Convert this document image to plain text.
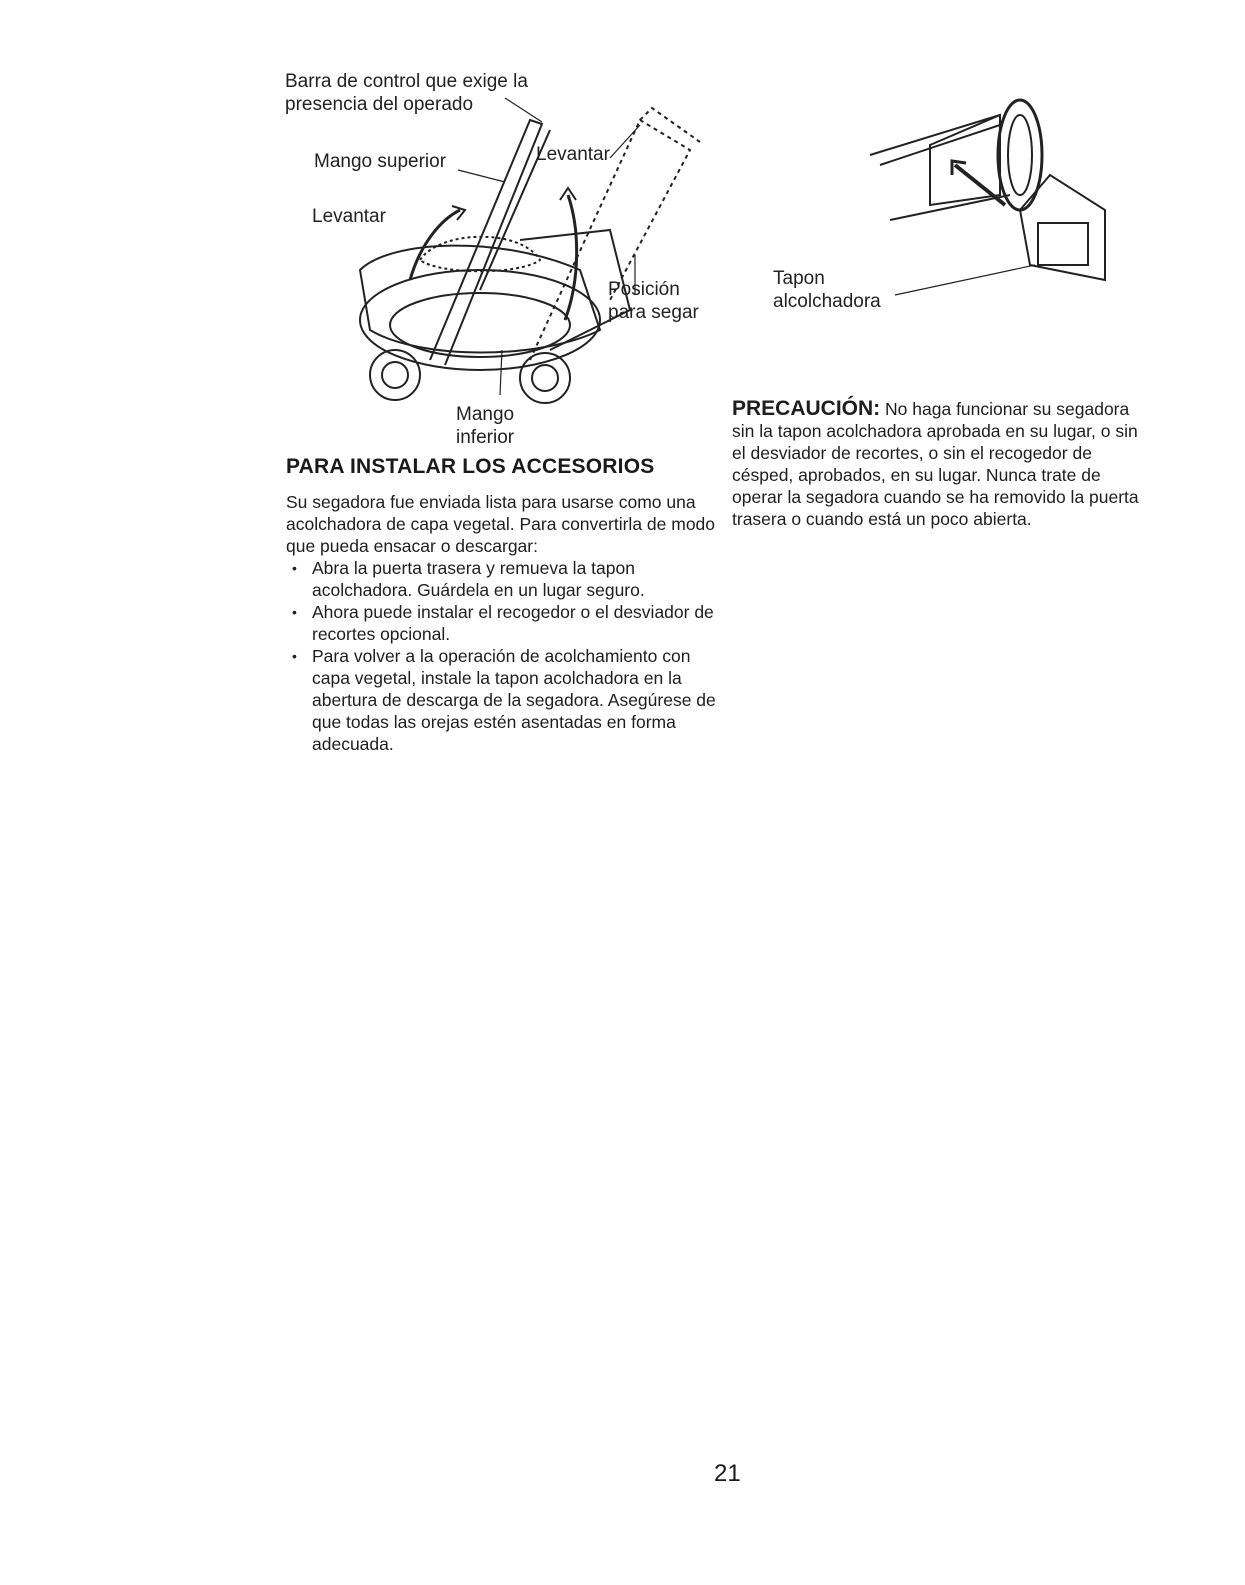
Barra de control que exige la
presencia del operado
Mango superior	Levantar
Levantar
Posición
para segar
Mango
inferior
Tapon
alcolchadora
PARA INSTALAR LOS ACCESORIOS

Su segadora fue enviada lista para usarse como una acolchadora de capa vegetal. Para convertirla de modo que pueda ensacar o descargar:

• Abra la puerta trasera y remueva la tapon acolchadora. Guárdela en un lugar seguro.
• Ahora puede instalar el recogedor o el desviador de recortes opcional.
• Para volver a la operación de acolchamiento con capa vegetal, instale la tapon acolchadora en la abertura de descarga de la segadora. Asegúrese de que todas las orejas estén asentadas en forma adecuada.
PRECAUCIÓN: No haga funcionar su segadora sin la tapon acolchadora aprobada en su lugar, o sin el desviador de recortes, o sin el recogedor de césped, aprobados, en su lugar. Nunca trate de operar la segadora cuando se ha removido la puerta trasera o cuando está un poco abierta.
21
